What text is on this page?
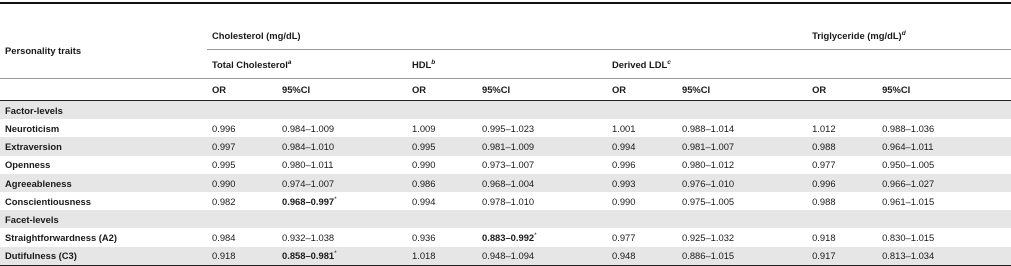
Personality traits	Cholesterol (mg/dL)						Triglyceride $(mg/dL)^d$
	Total Cholesterol$^a$		HDL$^b$		Derived LDL$^c$	
	OR	95%CI	OR	95%CI	OR	95%CI	OR	95%CI
Factor-levels								
Neuroticism	0.996	0.984–1.009	1.009	0.995–1.023	1.001	0.988–1.014	1.012	0.988–1.036
Extraversion	0.997	0.984–1.010	0.995	0.981–1.009	0.994	0.981–1.007	0.988	0.964–1.011
Openness	0.995	0.980–1.011	0.990	0.973–1.007	0.996	0.980–1.012	0.977	0.950–1.005
Agreeableness	0.990	0.974–1.007	0.986	0.968–1.004	0.993	0.976–1.010	0.996	0.966–1.027
Conscientiousness	0.982	0.968–0.997*	0.994	0.978–1.010	0.990	0.975–1.005	0.988	0.961–1.015
Facet-levels								
Straightforwardness (A2)	0.984	0.932–1.038	0.936	0.883–0.992*	0.977	0.925–1.032	0.918	0.830–1.015
Dutifulness (C3)	0.918	0.858–0.981*	1.018	0.948–1.094	0.948	0.886–1.015	0.917	0.813–1.034
